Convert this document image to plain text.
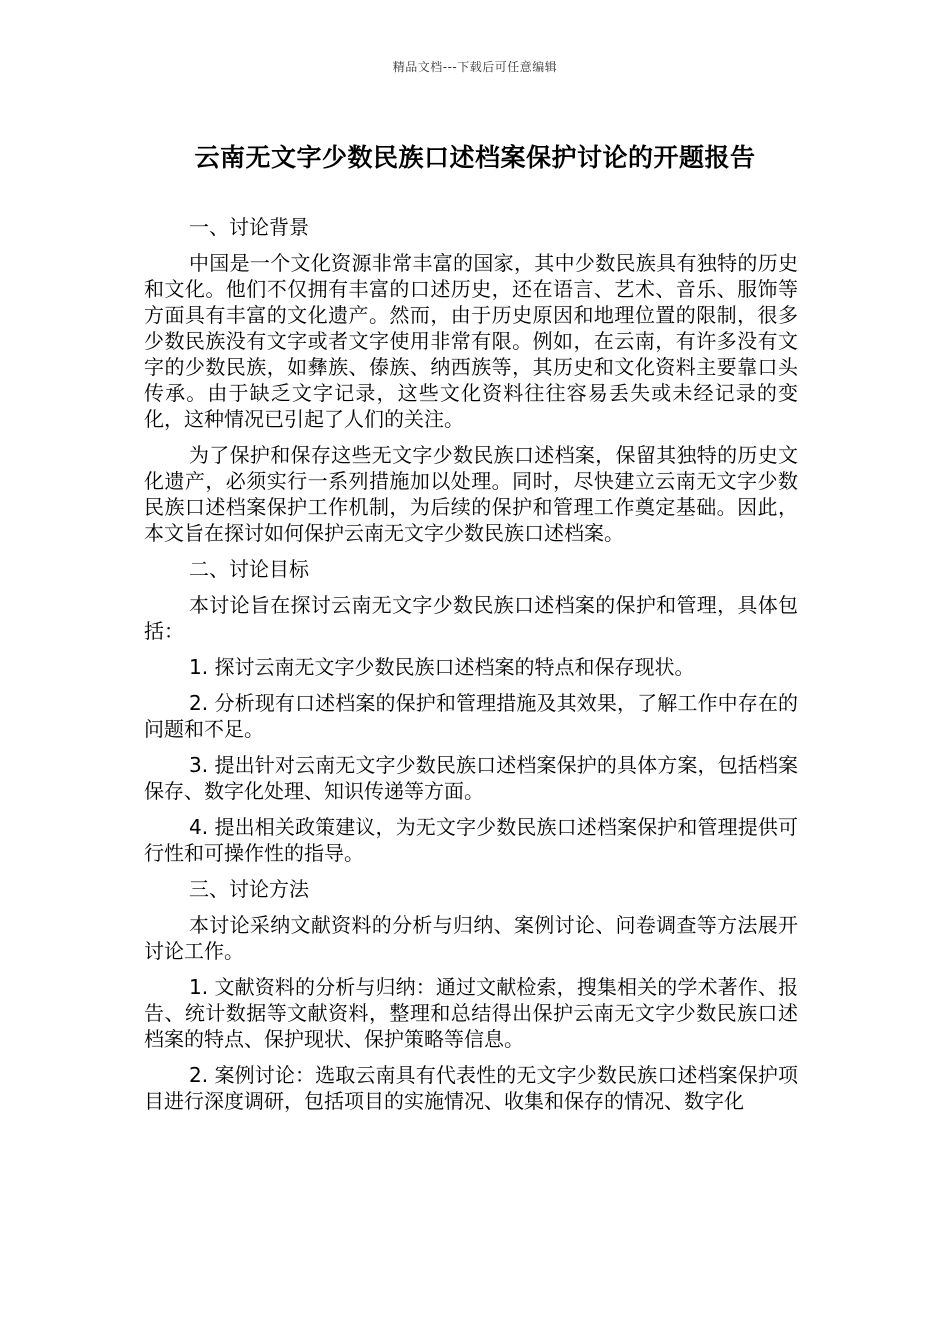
精品文档---下载后可任意编辑
云南无文字少数民族口述档案保护讨论的开题报告

一、讨论背景

中国是一个文化资源非常丰富的国家，其中少数民族具有独特的历史和文化。他们不仅拥有丰富的口述历史，还在语言、艺术、音乐、服饰等方面具有丰富的文化遗产。然而，由于历史原因和地理位置的限制，很多少数民族没有文字或者文字使用非常有限。例如，在云南，有许多没有文字的少数民族，如彝族、傣族、纳西族等，其历史和文化资料主要靠口头传承。由于缺乏文字记录，这些文化资料往往容易丢失或未经记录的变化，这种情况已引起了人们的关注。

为了保护和保存这些无文字少数民族口述档案，保留其独特的历史文化遗产，必须实行一系列措施加以处理。同时，尽快建立云南无文字少数民族口述档案保护工作机制，为后续的保护和管理工作奠定基础。因此，本文旨在探讨如何保护云南无文字少数民族口述档案。

二、讨论目标

本讨论旨在探讨云南无文字少数民族口述档案的保护和管理，具体包括：

1. 探讨云南无文字少数民族口述档案的特点和保存现状。

2. 分析现有口述档案的保护和管理措施及其效果，了解工作中存在的问题和不足。

3. 提出针对云南无文字少数民族口述档案保护的具体方案，包括档案保存、数字化处理、知识传递等方面。

4. 提出相关政策建议，为无文字少数民族口述档案保护和管理提供可行性和可操作性的指导。

三、讨论方法

本讨论采纳文献资料的分析与归纳、案例讨论、问卷调查等方法展开讨论工作。

1. 文献资料的分析与归纳：通过文献检索，搜集相关的学术著作、报告、统计数据等文献资料，整理和总结得出保护云南无文字少数民族口述档案的特点、保护现状、保护策略等信息。

2. 案例讨论：选取云南具有代表性的无文字少数民族口述档案保护项目进行深度调研，包括项目的实施情况、收集和保存的情况、数字化
